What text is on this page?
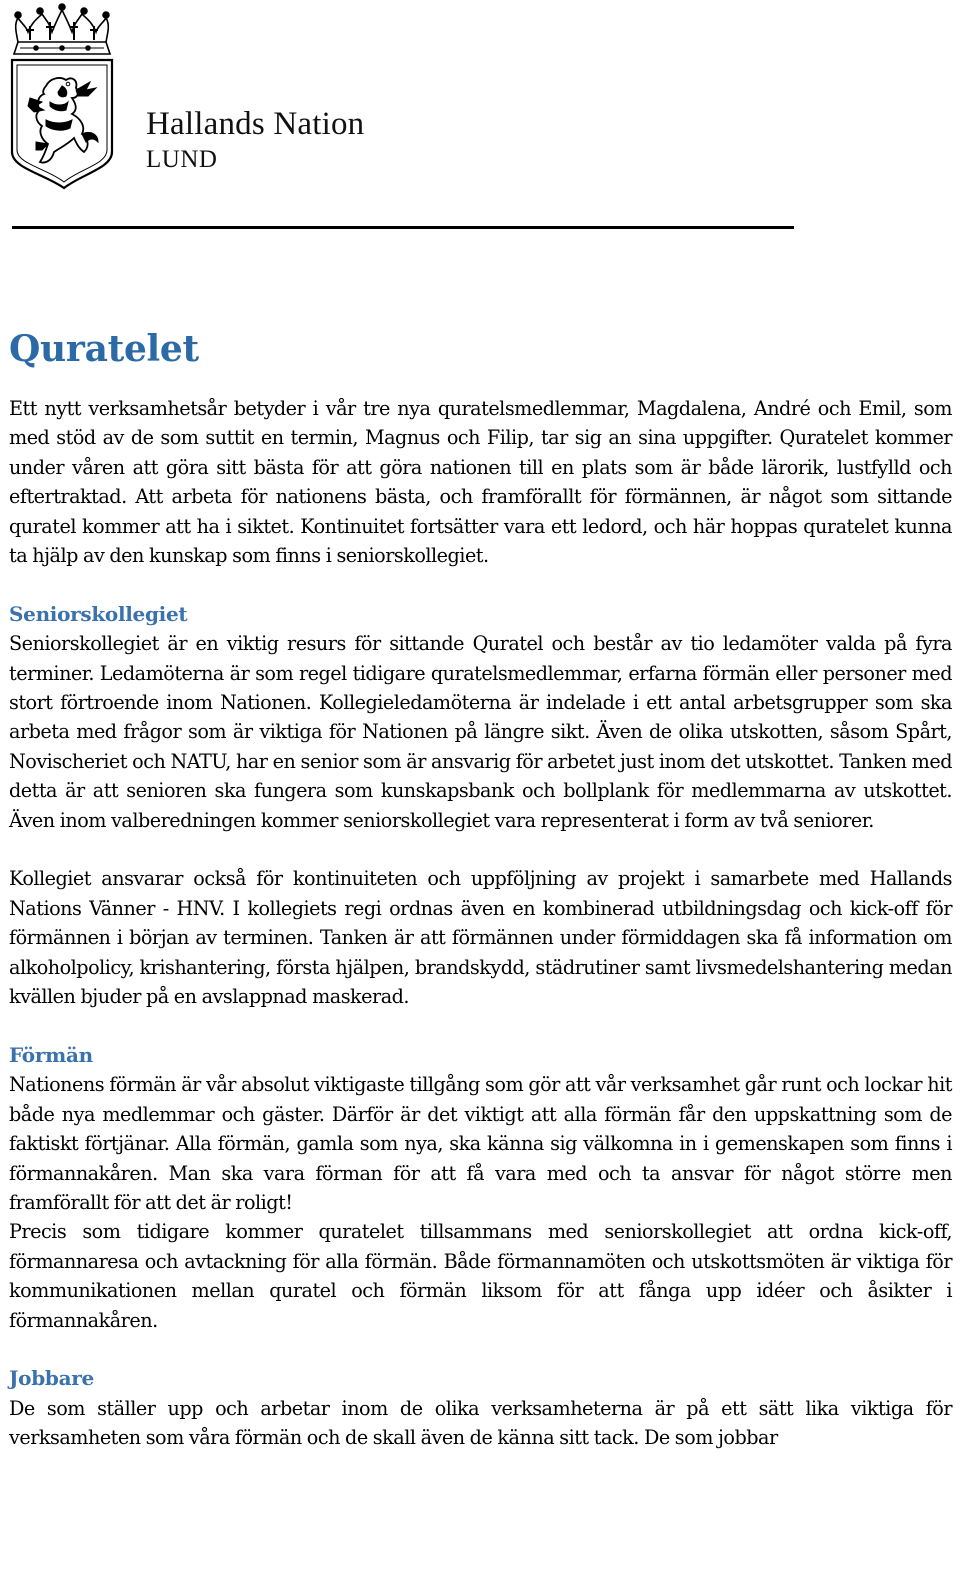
Hallands Nation
LUND
Quratelet

Ett nytt verksamhetsår betyder i vår tre nya quratelsmedlemmar, Magdalena, André och Emil, som med stöd av de som suttit en termin, Magnus och Filip, tar sig an sina uppgifter. Quratelet kommer under våren att göra sitt bästa för att göra nationen till en plats som är både lärorik, lustfylld och eftertraktad. Att arbeta för nationens bästa, och framförallt för förmännen, är något som sittande quratel kommer att ha i siktet. Kontinuitet fortsätter vara ett ledord, och här hoppas quratelet kunna ta hjälp av den kunskap som finns i seniorskollegiet.

Seniorskollegiet

Seniorskollegiet är en viktig resurs för sittande Quratel och består av tio ledamöter valda på fyra terminer. Ledamöterna är som regel tidigare quratelsmedlemmar, erfarna förmän eller personer med stort förtroende inom Nationen. Kollegieledamöterna är indelade i ett antal arbetsgrupper som ska arbeta med frågor som är viktiga för Nationen på längre sikt. Även de olika utskotten, såsom Spårt, Novischeriet och NATU, har en senior som är ansvarig för arbetet just inom det utskottet. Tanken med detta är att senioren ska fungera som kunskapsbank och bollplank för medlemmarna av utskottet. Även inom valberedningen kommer seniorskollegiet vara representerat i form av två seniorer.

Kollegiet ansvarar också för kontinuiteten och uppföljning av projekt i samarbete med Hallands Nations Vänner - HNV. I kollegiets regi ordnas även en kombinerad utbildningsdag och kick-off för förmännen i början av terminen. Tanken är att förmännen under förmiddagen ska få information om alkoholpolicy, krishantering, första hjälpen, brandskydd, städrutiner samt livsmedelshantering medan kvällen bjuder på en avslappnad maskerad.

Förmän

Nationens förmän är vår absolut viktigaste tillgång som gör att vår verksamhet går runt och lockar hit både nya medlemmar och gäster. Därför är det viktigt att alla förmän får den uppskattning som de faktiskt förtjänar. Alla förmän, gamla som nya, ska känna sig välkomna in i gemenskapen som finns i förmannakåren. Man ska vara förman för att få vara med och ta ansvar för något större men framförallt för att det är roligt!

Precis som tidigare kommer quratelet tillsammans med seniorskollegiet att ordna kick-off, förmannaresa och avtackning för alla förmän. Både förmannamöten och utskottsmöten är viktiga för kommunikationen mellan quratel och förmän liksom för att fånga upp idéer och åsikter i förmannakåren.

Jobbare

De som ställer upp och arbetar inom de olika verksamheterna är på ett sätt lika viktiga för verksamheten som våra förmän och de skall även de känna sitt tack. De som jobbar
